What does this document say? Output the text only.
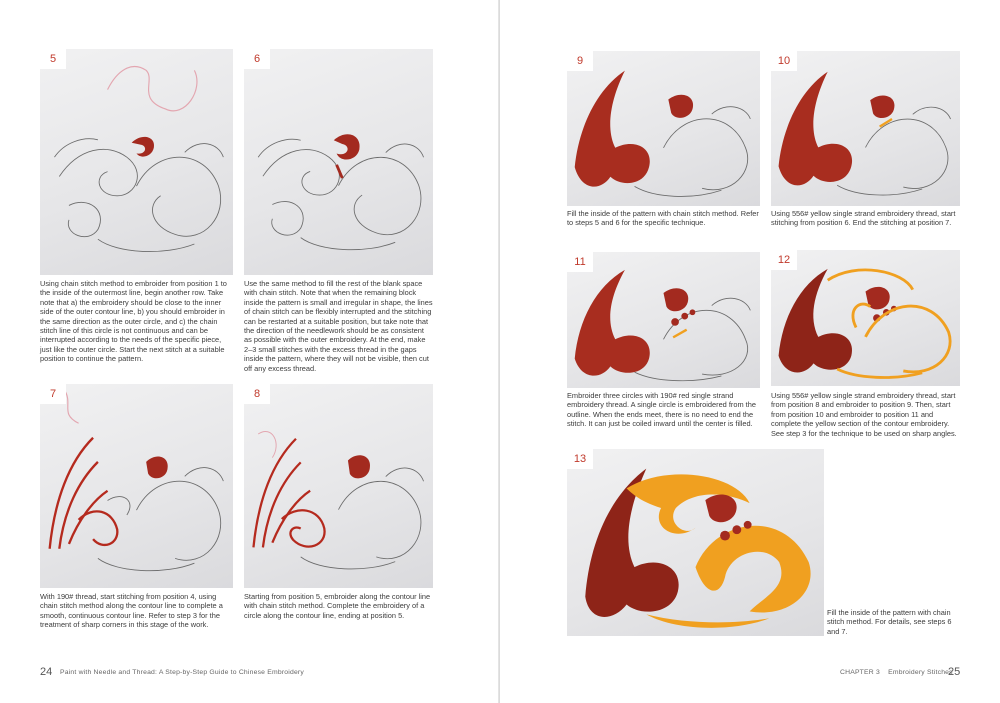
5

Using chain stitch method to embroider from position 1 to the inside of the outermost line, begin another row. Take note that a) the embroidery should be close to the inner side of the outer contour line, b) you should embroider in the same direction as the outer circle, and c) the chain stitch line of this circle is not continuous and can be interrupted according to the needs of the specific piece, just like the outer circle. Start the next stitch at a suitable position to continue the pattern.

6

Use the same method to fill the rest of the blank space with chain stitch. Note that when the remaining block inside the pattern is small and irregular in shape, the lines of chain stitch can be flexibly interrupted and the stitching can be restarted at a suitable position, but take note that the direction of the needlework should be as consistent as possible with the outer embroidery. At the end, make 2–3 small stitches with the excess thread in the gaps inside the pattern, where they will not be visible, then cut off any excess thread.

7

With 190# thread, start stitching from position 4, using chain stitch method along the contour line to complete a smooth, continuous contour line. Refer to step 3 for the treatment of sharp corners in this stage of the work.

8

Starting from position 5, embroider along the contour line with chain stitch method. Complete the embroidery of a circle along the contour line, ending at position 5.

24 Paint with Needle and Thread: A Step-by-Step Guide to Chinese Embroidery
9

Fill the inside of the pattern with chain stitch method. Refer to steps 5 and 6 for the specific technique.

10

Using 556# yellow single strand embroidery thread, start stitching from position 6. End the stitching at position 7.

11

Embroider three circles with 190# red single strand embroidery thread. A single circle is embroidered from the outline. When the ends meet, there is no need to end the stitch. It can just be coiled inward until the center is filled.

12

Using 556# yellow single strand embroidery thread, start from position 8 and embroider to position 9. Then, start from position 10 and embroider to position 11 and complete the yellow section of the contour embroidery. See step 3 for the technique to be used on sharp angles.

13

Fill the inside of the pattern with chain stitch method. For details, see steps 6 and 7.

CHAPTER 3 Embroidery Stitches
25
